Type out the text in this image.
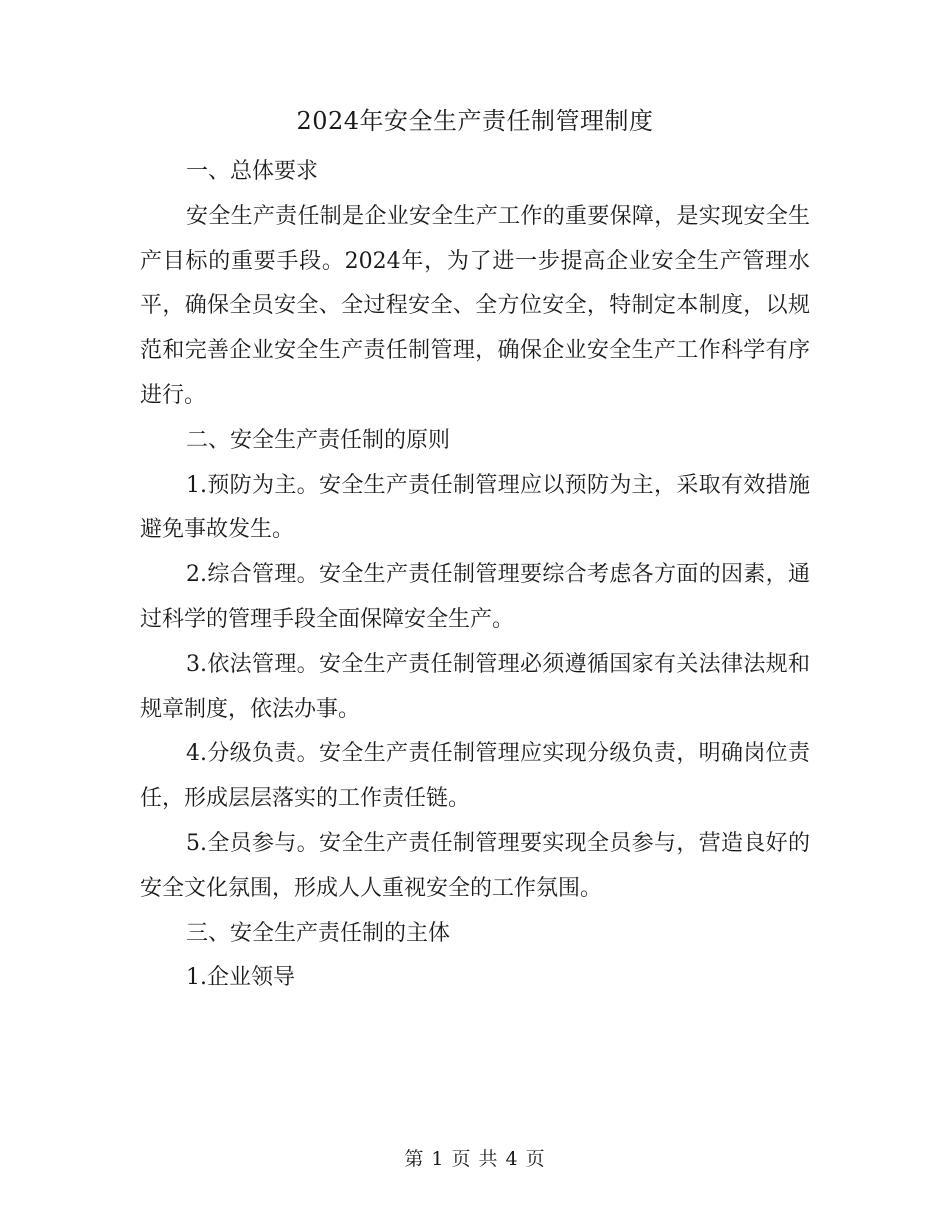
2024年安全生产责任制管理制度

一、总体要求

安全生产责任制是企业安全生产工作的重要保障，是实现安全生产目标的重要手段。2024年，为了进一步提高企业安全生产管理水平，确保全员安全、全过程安全、全方位安全，特制定本制度，以规范和完善企业安全生产责任制管理，确保企业安全生产工作科学有序进行。

二、安全生产责任制的原则

1.预防为主。安全生产责任制管理应以预防为主，采取有效措施避免事故发生。

2.综合管理。安全生产责任制管理要综合考虑各方面的因素，通过科学的管理手段全面保障安全生产。

3.依法管理。安全生产责任制管理必须遵循国家有关法律法规和规章制度，依法办事。

4.分级负责。安全生产责任制管理应实现分级负责，明确岗位责任，形成层层落实的工作责任链。

5.全员参与。安全生产责任制管理要实现全员参与，营造良好的安全文化氛围，形成人人重视安全的工作氛围。

三、安全生产责任制的主体

1.企业领导

第 1 页 共 4 页
